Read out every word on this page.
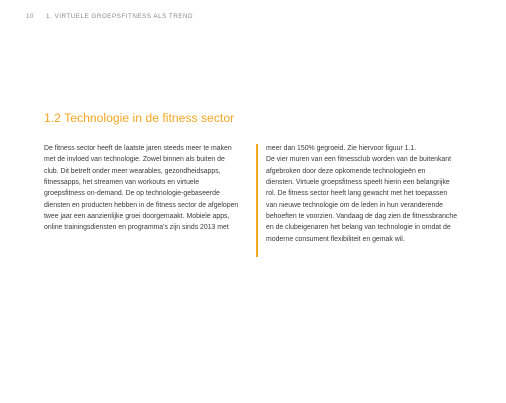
10 1. VIRTUELE GROEPSFITNESS ALS TREND
1.2 Technologie in de fitness sector

De fitness sector heeft de laatste jaren steeds meer te maken

met de invloed van technologie. Zowel binnen als buiten de

club. Dit betreft onder meer wearables, gezondheidsapps,

fitnessapps, het streamen van workouts en virtuele

groepsfitness on-demand. De op technologie-gebaseerde

diensten en producten hebben in de fitness sector de afgelopen

twee jaar een aanzienlijke groei doorgemaakt. Mobiele apps,

online trainingsdiensten en programma's zijn sinds 2013 met

meer dan 150% gegroeid. Zie hiervoor figuur 1.1.

De vier muren van een fitnessclub worden van de buitenkant

afgebroken door deze opkomende technologieën en

diensten. Virtuele groepsfitness speelt hierin een belangrijke

rol. De fitness sector heeft lang gewacht met het toepassen

van nieuwe technologie om de leden in hun veranderende

behoeften te voorzien. Vandaag de dag zien de fitnessbranche

en de clubeigenaren het belang van technologie in omdat de

moderne consument flexibiliteit en gemak wil.
